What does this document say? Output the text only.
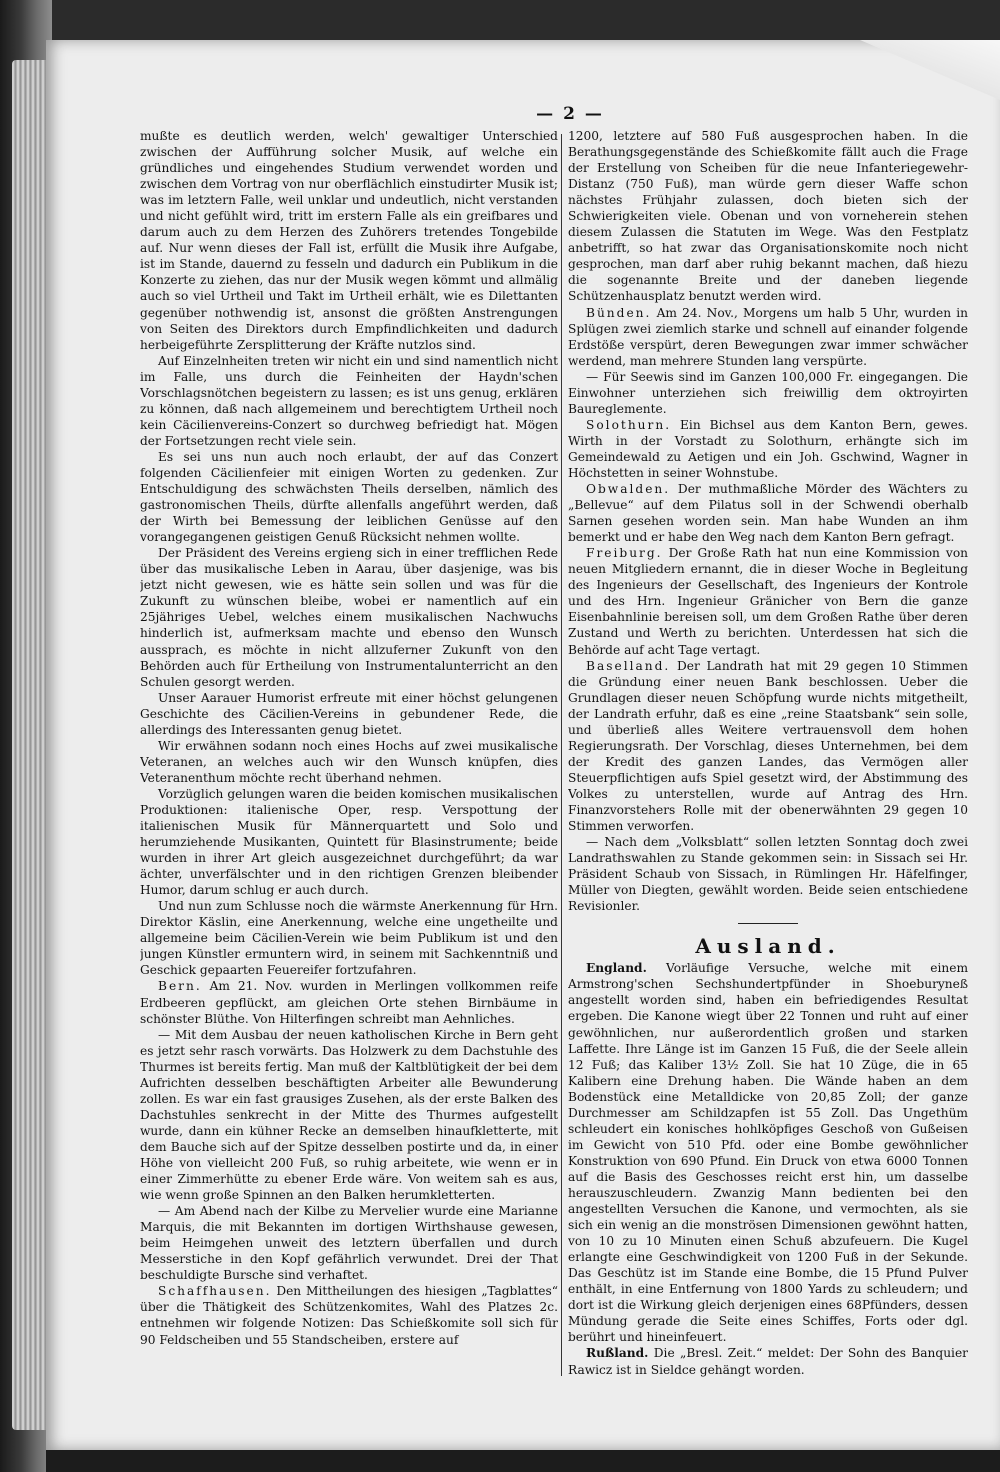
— 2 —

mußte es deutlich werden, welch' gewaltiger Unterschied zwischen der Aufführung solcher Musik, auf welche ein gründliches und eingehendes Studium verwendet worden und zwischen dem Vortrag von nur oberflächlich einstudirter Musik ist; was im letztern Falle, weil unklar und undeutlich, nicht verstanden und nicht gefühlt wird, tritt im erstern Falle als ein greifbares und darum auch zu dem Herzen des Zuhörers tretendes Tongebilde auf. Nur wenn dieses der Fall ist, erfüllt die Musik ihre Aufgabe, ist im Stande, dauernd zu fesseln und dadurch ein Publikum in die Konzerte zu ziehen, das nur der Musik wegen kömmt und allmälig auch so viel Urtheil und Takt im Urtheil erhält, wie es Dilettanten gegenüber nothwendig ist, ansonst die größten Anstrengungen von Seiten des Direktors durch Empfindlichkeiten und dadurch herbeigeführte Zersplitterung der Kräfte nutzlos sind.

Auf Einzelnheiten treten wir nicht ein und sind namentlich nicht im Falle, uns durch die Feinheiten der Haydn'schen Vorschlagsnötchen begeistern zu lassen; es ist uns genug, erklären zu können, daß nach allgemeinem und berechtigtem Urtheil noch kein Cäcilienvereins-Conzert so durchweg befriedigt hat. Mögen der Fortsetzungen recht viele sein.

Es sei uns nun auch noch erlaubt, der auf das Conzert folgenden Cäcilienfeier mit einigen Worten zu gedenken. Zur Entschuldigung des schwächsten Theils derselben, nämlich des gastronomischen Theils, dürfte allenfalls angeführt werden, daß der Wirth bei Bemessung der leiblichen Genüsse auf den vorangegangenen geistigen Genuß Rücksicht nehmen wollte.

Der Präsident des Vereins ergieng sich in einer trefflichen Rede über das musikalische Leben in Aarau, über dasjenige, was bis jetzt nicht gewesen, wie es hätte sein sollen und was für die Zukunft zu wünschen bleibe, wobei er namentlich auf ein 25jähriges Uebel, welches einem musikalischen Nachwuchs hinderlich ist, aufmerksam machte und ebenso den Wunsch aussprach, es möchte in nicht allzuferner Zukunft von den Behörden auch für Ertheilung von Instrumentalunterricht an den Schulen gesorgt werden.

Unser Aarauer Humorist erfreute mit einer höchst gelungenen Geschichte des Cäcilien-Vereins in gebundener Rede, die allerdings des Interessanten genug bietet.

Wir erwähnen sodann noch eines Hochs auf zwei musikalische Veteranen, an welches auch wir den Wunsch knüpfen, dies Veteranenthum möchte recht überhand nehmen.

Vorzüglich gelungen waren die beiden komischen musikalischen Produktionen: italienische Oper, resp. Verspottung der italienischen Musik für Männerquartett und Solo und herumziehende Musikanten, Quintett für Blasinstrumente; beide wurden in ihrer Art gleich ausgezeichnet durchgeführt; da war ächter, unverfälschter und in den richtigen Grenzen bleibender Humor, darum schlug er auch durch.

Und nun zum Schlusse noch die wärmste Anerkennung für Hrn. Direktor Käslin, eine Anerkennung, welche eine ungetheilte und allgemeine beim Cäcilien-Verein wie beim Publikum ist und den jungen Künstler ermuntern wird, in seinem mit Sachkenntniß und Geschick gepaarten Feuereifer fortzufahren.

Bern. Am 21. Nov. wurden in Merlingen vollkommen reife Erdbeeren gepflückt, am gleichen Orte stehen Birnbäume in schönster Blüthe. Von Hilterfingen schreibt man Aehnliches.

— Mit dem Ausbau der neuen katholischen Kirche in Bern geht es jetzt sehr rasch vorwärts. Das Holzwerk zu dem Dachstuhle des Thurmes ist bereits fertig. Man muß der Kaltblütigkeit der bei dem Aufrichten desselben beschäftigten Arbeiter alle Bewunderung zollen. Es war ein fast grausiges Zusehen, als der erste Balken des Dachstuhles senkrecht in der Mitte des Thurmes aufgestellt wurde, dann ein kühner Recke an demselben hinaufkletterte, mit dem Bauche sich auf der Spitze desselben postirte und da, in einer Höhe von vielleicht 200 Fuß, so ruhig arbeitete, wie wenn er in einer Zimmerhütte zu ebener Erde wäre. Von weitem sah es aus, wie wenn große Spinnen an den Balken herumkletterten.

— Am Abend nach der Kilbe zu Mervelier wurde eine Marianne Marquis, die mit Bekannten im dortigen Wirthshause gewesen, beim Heimgehen unweit des letztern überfallen und durch Messerstiche in den Kopf gefährlich verwundet. Drei der That beschuldigte Bursche sind verhaftet.

Schaffhausen. Den Mittheilungen des hiesigen „Tagblattes“ über die Thätigkeit des Schützenkomites, Wahl des Platzes 2c. entnehmen wir folgende Notizen: Das Schießkomite soll sich für 90 Feldscheiben und 55 Standscheiben, erstere auf

1200, letztere auf 580 Fuß ausgesprochen haben. In die Berathungsgegenstände des Schießkomite fällt auch die Frage der Erstellung von Scheiben für die neue Infanteriegewehr-Distanz (750 Fuß), man würde gern dieser Waffe schon nächstes Frühjahr zulassen, doch bieten sich der Schwierigkeiten viele. Obenan und von vorneherein stehen diesem Zulassen die Statuten im Wege. Was den Festplatz anbetrifft, so hat zwar das Organisationskomite noch nicht gesprochen, man darf aber ruhig bekannt machen, daß hiezu die sogenannte Breite und der daneben liegende Schützenhausplatz benutzt werden wird.

Bünden. Am 24. Nov., Morgens um halb 5 Uhr, wurden in Splügen zwei ziemlich starke und schnell auf einander folgende Erdstöße verspürt, deren Bewegungen zwar immer schwächer werdend, man mehrere Stunden lang verspürte.

— Für Seewis sind im Ganzen 100,000 Fr. eingegangen. Die Einwohner unterziehen sich freiwillig dem oktroyirten Baureglemente.

Solothurn. Ein Bichsel aus dem Kanton Bern, gewes. Wirth in der Vorstadt zu Solothurn, erhängte sich im Gemeindewald zu Aetigen und ein Joh. Gschwind, Wagner in Höchstetten in seiner Wohnstube.

Obwalden. Der muthmaßliche Mörder des Wächters zu „Bellevue“ auf dem Pilatus soll in der Schwendi oberhalb Sarnen gesehen worden sein. Man habe Wunden an ihm bemerkt und er habe den Weg nach dem Kanton Bern gefragt.

Freiburg. Der Große Rath hat nun eine Kommission von neuen Mitgliedern ernannt, die in dieser Woche in Begleitung des Ingenieurs der Gesellschaft, des Ingenieurs der Kontrole und des Hrn. Ingenieur Gränicher von Bern die ganze Eisenbahnlinie bereisen soll, um dem Großen Rathe über deren Zustand und Werth zu berichten. Unterdessen hat sich die Behörde auf acht Tage vertagt.

Baselland. Der Landrath hat mit 29 gegen 10 Stimmen die Gründung einer neuen Bank beschlossen. Ueber die Grundlagen dieser neuen Schöpfung wurde nichts mitgetheilt, der Landrath erfuhr, daß es eine „reine Staatsbank“ sein solle, und überließ alles Weitere vertrauensvoll dem hohen Regierungsrath. Der Vorschlag, dieses Unternehmen, bei dem der Kredit des ganzen Landes, das Vermögen aller Steuerpflichtigen aufs Spiel gesetzt wird, der Abstimmung des Volkes zu unterstellen, wurde auf Antrag des Hrn. Finanzvorstehers Rolle mit der obenerwähnten 29 gegen 10 Stimmen verworfen.

— Nach dem „Volksblatt“ sollen letzten Sonntag doch zwei Landrathswahlen zu Stande gekommen sein: in Sissach sei Hr. Präsident Schaub von Sissach, in Rümlingen Hr. Häfelfinger, Müller von Diegten, gewählt worden. Beide seien entschiedene Revisionler.

Ausland.

England. Vorläufige Versuche, welche mit einem Armstrong'schen Sechshundertpfünder in Shoeburyneß angestellt worden sind, haben ein befriedigendes Resultat ergeben. Die Kanone wiegt über 22 Tonnen und ruht auf einer gewöhnlichen, nur außerordentlich großen und starken Laffette. Ihre Länge ist im Ganzen 15 Fuß, die der Seele allein 12 Fuß; das Kaliber 13½ Zoll. Sie hat 10 Züge, die in 65 Kalibern eine Drehung haben. Die Wände haben an dem Bodenstück eine Metalldicke von 20,85 Zoll; der ganze Durchmesser am Schildzapfen ist 55 Zoll. Das Ungethüm schleudert ein konisches hohlköpfiges Geschoß von Gußeisen im Gewicht von 510 Pfd. oder eine Bombe gewöhnlicher Konstruktion von 690 Pfund. Ein Druck von etwa 6000 Tonnen auf die Basis des Geschosses reicht erst hin, um dasselbe herauszuschleudern. Zwanzig Mann bedienten bei den angestellten Versuchen die Kanone, und vermochten, als sie sich ein wenig an die monströsen Dimensionen gewöhnt hatten, von 10 zu 10 Minuten einen Schuß abzufeuern. Die Kugel erlangte eine Geschwindigkeit von 1200 Fuß in der Sekunde. Das Geschütz ist im Stande eine Bombe, die 15 Pfund Pulver enthält, in eine Entfernung von 1800 Yards zu schleudern; und dort ist die Wirkung gleich derjenigen eines 68Pfünders, dessen Mündung gerade die Seite eines Schiffes, Forts oder dgl. berührt und hineinfeuert.

Rußland. Die „Bresl. Zeit.“ meldet: Der Sohn des Banquier Rawicz ist in Sieldce gehängt worden.
